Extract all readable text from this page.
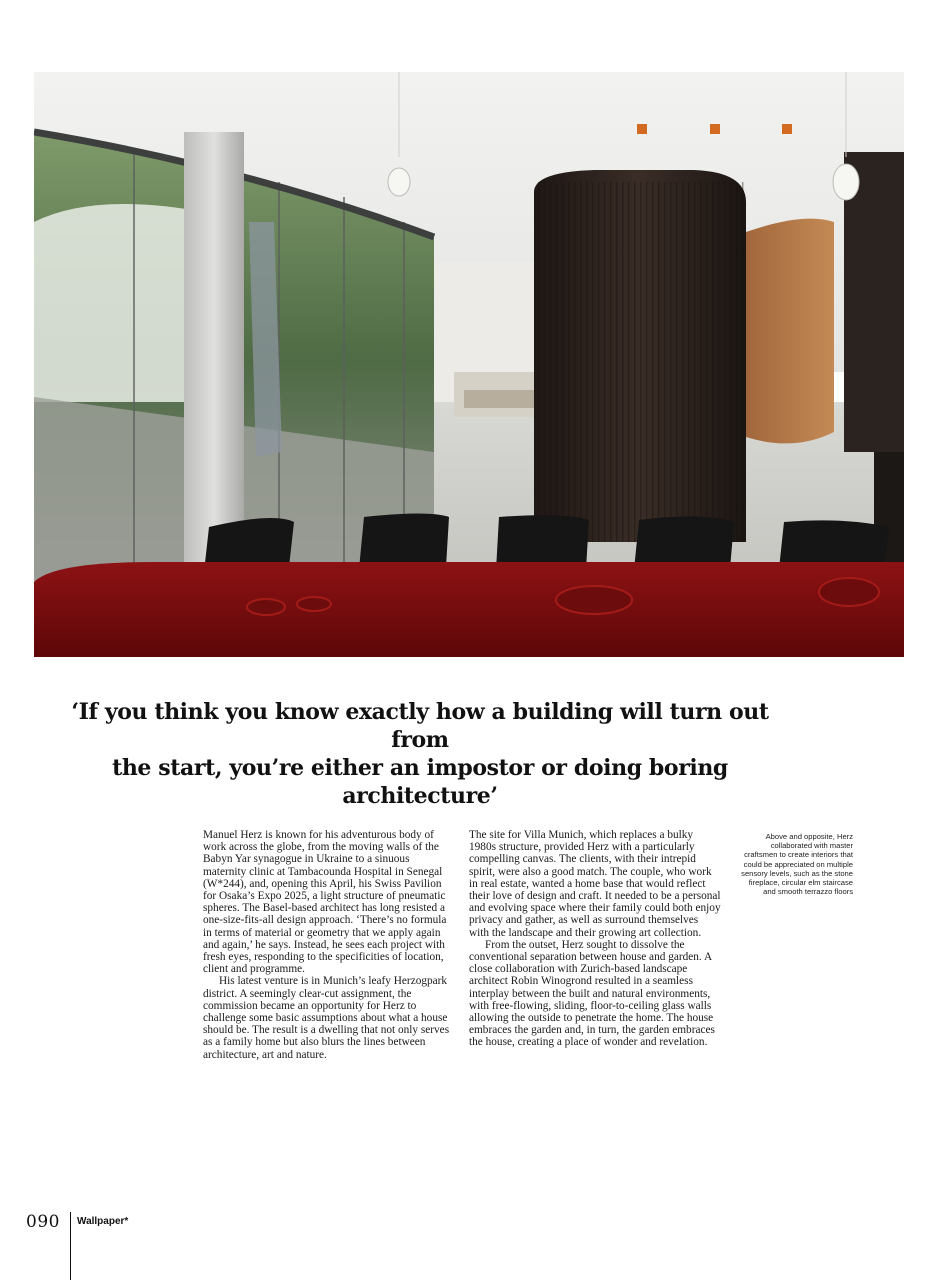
‘If you think you know exactly how a building will turn out from
the start, you’re either an impostor or doing boring architecture’

Manuel Herz is known for his adventurous body of work across the globe, from the moving walls of the Babyn Yar synagogue in Ukraine to a sinuous maternity clinic at Tambacounda Hospital in Senegal (W*244), and, opening this April, his Swiss Pavilion for Osaka’s Expo 2025, a light structure of pneumatic spheres. The Basel-based architect has long resisted a one-size-fits-all design approach. ‘There’s no formula in terms of material or geometry that we apply again and again,’ he says. Instead, he sees each project with fresh eyes, responding to the specificities of location, client and programme.

His latest venture is in Munich’s leafy Herzogpark district. A seemingly clear-cut assignment, the commission became an opportunity for Herz to challenge some basic assumptions about what a house should be. The result is a dwelling that not only serves as a family home but also blurs the lines between architecture, art and nature.

The site for Villa Munich, which replaces a bulky 1980s structure, provided Herz with a particularly compelling canvas. The clients, with their intrepid spirit, were also a good match. The couple, who work in real estate, wanted a home base that would reflect their love of design and craft. It needed to be a personal and evolving space where their family could both enjoy privacy and gather, as well as surround themselves with the landscape and their growing art collection.

From the outset, Herz sought to dissolve the conventional separation between house and garden. A close collaboration with Zurich-based landscape architect Robin Winogrond resulted in a seamless interplay between the built and natural environments, with free-flowing, sliding, floor-to-ceiling glass walls allowing the outside to penetrate the home. The house embraces the garden and, in turn, the garden embraces the house, creating a place of wonder and revelation.

Above and opposite, Herz collaborated with master craftsmen to create interiors that could be appreciated on multiple sensory levels, such as the stone fireplace, circular elm staircase and smooth terrazzo floors
090 Wallpaper*
